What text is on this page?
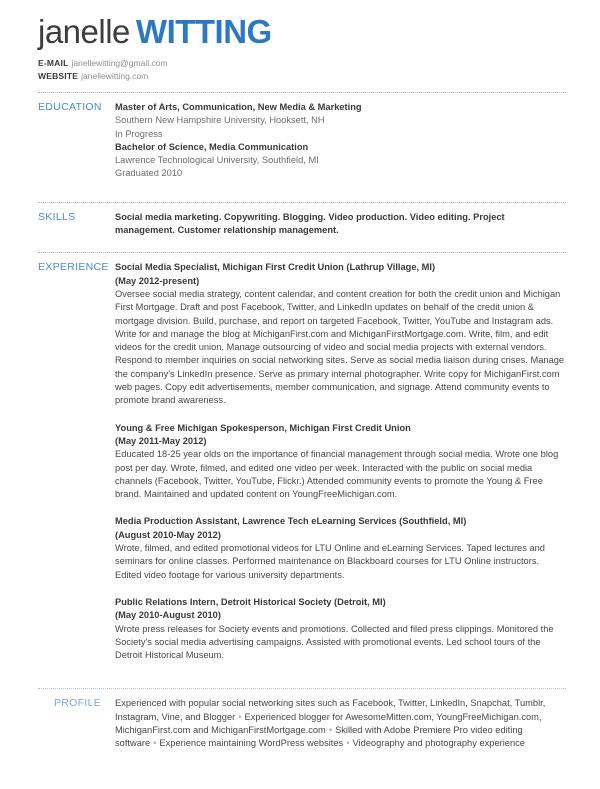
janelle WITTING
E-MAIL janellewitting@gmail.com
WEBSITE janellewitting.com
EDUCATION	Master of Arts, Communication, New Media & Marketing
Southern New Hampshire University, Hooksett, NH
In Progress
Bachelor of Science, Media Communication
Lawrence Technological University, Southfield, MI
Graduated 2010
SKILLS	Social media marketing. Copywriting. Blogging. Video production. Video editing. Project management. Customer relationship management.
EXPERIENCE Social Media Specialist, Michigan First Credit Union (Lathrup Village, MI)
(May 2012-present)
Oversee social media strategy, content calendar, and content creation for both the credit union and Michigan First Mortgage. Draft and post Facebook, Twitter, and LinkedIn updates on behalf of the credit union & mortgage division. Build, purchase, and report on targeted Facebook, Twitter, YouTube and Instagram ads. Write for and manage the blog at MichiganFirst.com and MichiganFirstMortgage.com. Write, film, and edit videos for the credit union. Manage outsourcing of video and social media projects with external vendors. Respond to member inquiries on social networking sites. Serve as social media liaison during crises. Manage the company's LinkedIn presence. Serve as primary internal photographer. Write copy for MichiganFirst.com web pages. Copy edit advertisements, member communication, and signage. Attend community events to promote brand awareness.
Young & Free Michigan Spokesperson, Michigan First Credit Union
(May 2011-May 2012)
Educated 18-25 year olds on the importance of financial management through social media. Wrote one blog post per day. Wrote, filmed, and edited one video per week. Interacted with the public on social media channels (Facebook, Twitter, YouTube, Flickr.) Attended community events to promote the Young & Free brand. Maintained and updated content on YoungFreeMichigan.com.
Media Production Assistant, Lawrence Tech eLearning Services (Southfield, MI)
(August 2010-May 2012)
Wrote, filmed, and edited promotional videos for LTU Online and eLearning Services. Taped lectures and seminars for online classes. Performed maintenance on Blackboard courses for LTU Online instructors. Edited video footage for various university departments.
Public Relations Intern, Detroit Historical Society (Detroit, MI)
(May 2010-August 2010)
Wrote press releases for Society events and promotions. Collected and filed press clippings. Monitored the Society's social media advertising campaigns. Assisted with promotional events. Led school tours of the Detroit Historical Museum.
PROFILE	Experienced with popular social networking sites such as Facebook, Twitter, LinkedIn, Snapchat, Tumblr, Instagram, Vine, and Blogger • Experienced blogger for AwesomeMitten.com, YoungFreeMichigan.com, MichiganFirst.com and MichiganFirstMortgage.com • Skilled with Adobe Premiere Pro video editing software • Experience maintaining WordPress websites • Videography and photography experience
